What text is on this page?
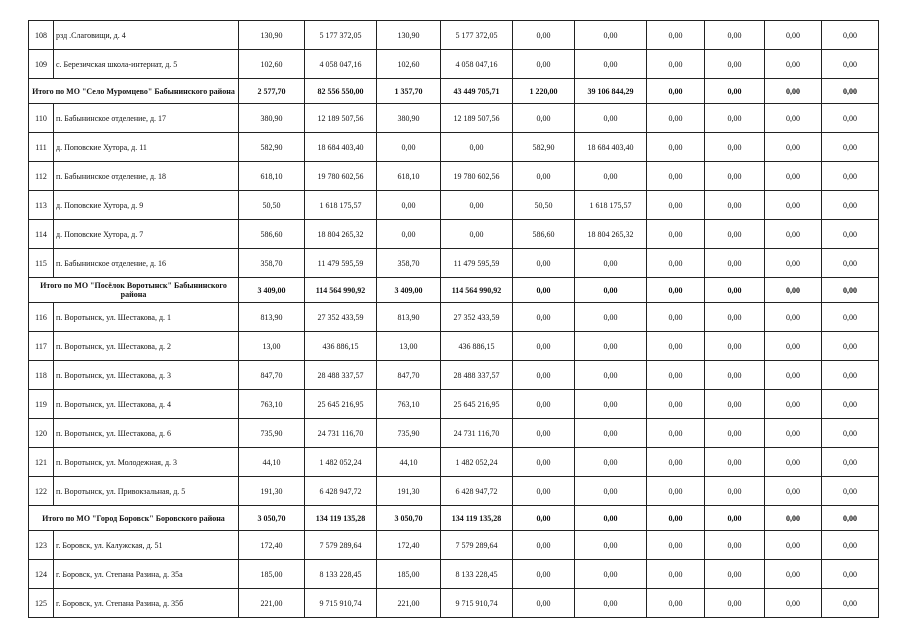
108	рзд .Слаговищи, д. 4	130,90	5 177 372,05	130,90	5 177 372,05	0,00	0,00	0,00	0,00	0,00	0,00
109	с. Березичская школа-интернат, д. 5	102,60	4 058 047,16	102,60	4 058 047,16	0,00	0,00	0,00	0,00	0,00	0,00
Итого по МО "Село Муромцево" Бабынинского района		2 577,70	82 556 550,00	1 357,70	43 449 705,71	1 220,00	39 106 844,29	0,00	0,00	0,00	0,00
110	п. Бабынинское отделение, д. 17	380,90	12 189 507,56	380,90	12 189 507,56	0,00	0,00	0,00	0,00	0,00	0,00
111	д. Поповские Хутора, д. 11	582,90	18 684 403,40	0,00	0,00	582,90	18 684 403,40	0,00	0,00	0,00	0,00
112	п. Бабынинское отделение, д. 18	618,10	19 780 602,56	618,10	19 780 602,56	0,00	0,00	0,00	0,00	0,00	0,00
113	д. Поповские Хутора, д. 9	50,50	1 618 175,57	0,00	0,00	50,50	1 618 175,57	0,00	0,00	0,00	0,00
114	д. Поповские Хутора, д. 7	586,60	18 804 265,32	0,00	0,00	586,60	18 804 265,32	0,00	0,00	0,00	0,00
115	п. Бабынинское отделение, д. 16	358,70	11 479 595,59	358,70	11 479 595,59	0,00	0,00	0,00	0,00	0,00	0,00
Итого по МО "Посёлок Воротынск" Бабынинского района		3 409,00	114 564 990,92	3 409,00	114 564 990,92	0,00	0,00	0,00	0,00	0,00	0,00
116	п. Воротынск, ул. Шестакова, д. 1	813,90	27 352 433,59	813,90	27 352 433,59	0,00	0,00	0,00	0,00	0,00	0,00
117	п. Воротынск, ул. Шестакова, д. 2	13,00	436 886,15	13,00	436 886,15	0,00	0,00	0,00	0,00	0,00	0,00
118	п. Воротынск, ул. Шестакова, д. 3	847,70	28 488 337,57	847,70	28 488 337,57	0,00	0,00	0,00	0,00	0,00	0,00
119	п. Воротынск, ул. Шестакова, д. 4	763,10	25 645 216,95	763,10	25 645 216,95	0,00	0,00	0,00	0,00	0,00	0,00
120	п. Воротынск, ул. Шестакова, д. 6	735,90	24 731 116,70	735,90	24 731 116,70	0,00	0,00	0,00	0,00	0,00	0,00
121	п. Воротынск, ул. Молодежная, д. 3	44,10	1 482 052,24	44,10	1 482 052,24	0,00	0,00	0,00	0,00	0,00	0,00
122	п. Воротынск, ул. Привокзальная, д. 5	191,30	6 428 947,72	191,30	6 428 947,72	0,00	0,00	0,00	0,00	0,00	0,00
Итого по МО "Город Боровск" Боровского района		3 050,70	134 119 135,28	3 050,70	134 119 135,28	0,00	0,00	0,00	0,00	0,00	0,00
123	г. Боровск, ул. Калужская, д. 51	172,40	7 579 289,64	172,40	7 579 289,64	0,00	0,00	0,00	0,00	0,00	0,00
124	г. Боровск, ул. Степана Разина, д. 35а	185,00	8 133 228,45	185,00	8 133 228,45	0,00	0,00	0,00	0,00	0,00	0,00
125	г. Боровск, ул. Степана Разина, д. 35б	221,00	9 715 910,74	221,00	9 715 910,74	0,00	0,00	0,00	0,00	0,00	0,00
